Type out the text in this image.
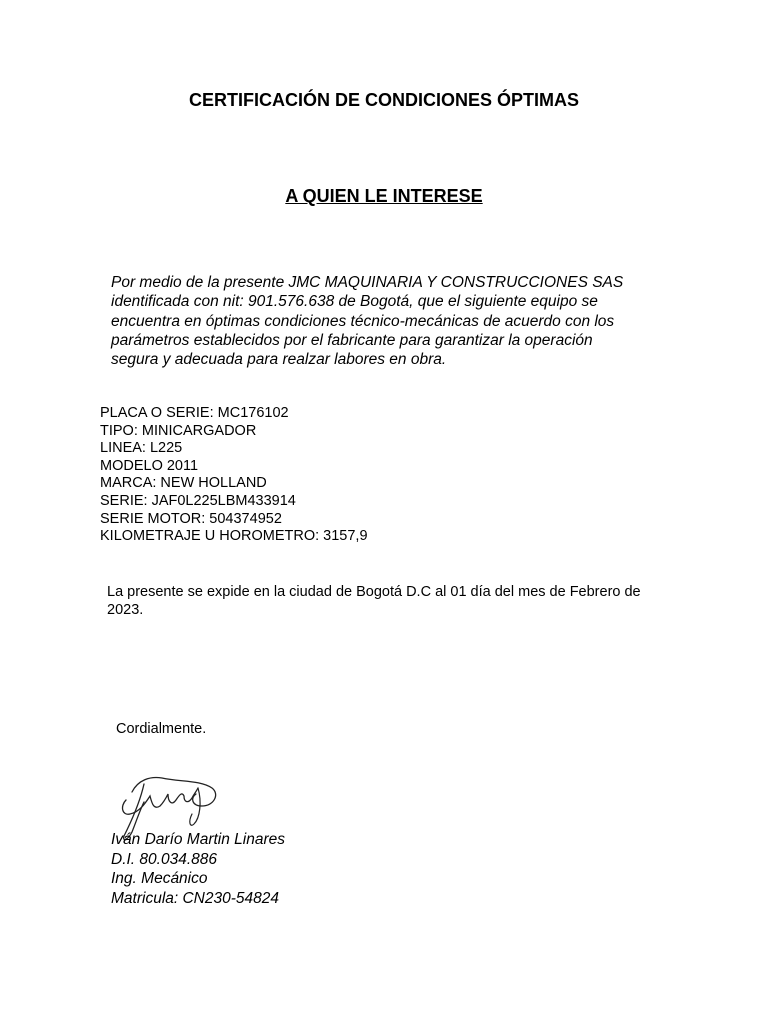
CERTIFICACIÓN DE CONDICIONES ÓPTIMAS
A QUIEN LE INTERESE

Por medio de la presente JMC MAQUINARIA Y CONSTRUCCIONES SAS identificada con nit: 901.576.638 de Bogotá, que el siguiente equipo se encuentra en óptimas condiciones técnico-mecánicas de acuerdo con los parámetros establecidos por el fabricante para garantizar la operación segura y adecuada para realzar labores en obra.

PLACA O SERIE: MC176102
TIPO: MINICARGADOR
LINEA: L225
MODELO 2011
MARCA: NEW HOLLAND
SERIE: JAF0L225LBM433914
SERIE MOTOR: 504374952
KILOMETRAJE U HOROMETRO: 3157,9

La presente se expide en la ciudad de Bogotá D.C al 01 día del mes de Febrero de 2023.

Cordialmente.

Iván Darío Martin Linares
D.I. 80.034.886
Ing. Mecánico
Matricula: CN230-54824
